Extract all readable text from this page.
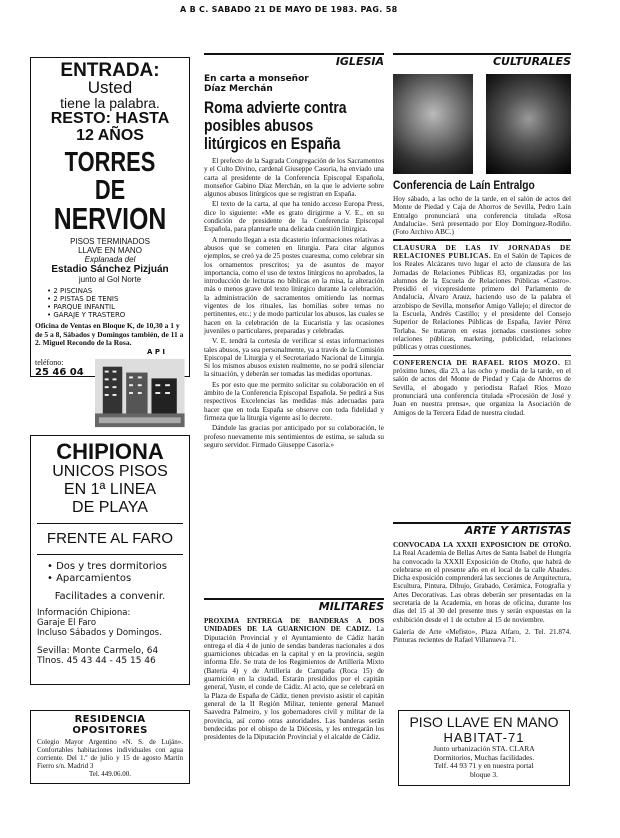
A B C. SABADO 21 DE MAYO DE 1983. PAG. 58
ENTRADA:
Usted
tiene la palabra.
RESTO: HASTA
12 AÑOS
TORRES DE
NERVION
PISOS TERMINADOS
LLAVE EN MANO
Explanada del
Estadio Sánchez Pizjuán
junto al Gol Norte
• 2 PISCINAS
• 2 PISTAS DE TENIS
• PARQUE INFANTIL
• GARAJE Y TRASTERO
Oficina de Ventas en Bloque K, de 10,30 a 1 y de 5 a 8, Sábados y Domingos también, de 11 a 2. Miguel Recondo de la Rosa.
A P I
teléfono:
25 46 04
CHIPIONA
UNICOS PISOS
EN 1ª LINEA
DE PLAYA
FRENTE AL FARO
• Dos y tres dormitorios
• Aparcamientos
Facilitades a convenir.
Información Chipiona:
Garaje El Faro
Incluso Sábados y Domingos.
Sevilla: Monte Carmelo, 64
Tlnos. 45 43 44 - 45 15 46
RESIDENCIA OPOSITORES
Colegio Mayor Argentino «N. S. de Luján». Confortables habitaciones individuales con agua corriente. Del 1.º de julio y 15 de agosto Martín Fierro s/n. Madrid 3
Tel. 449.06.00.
IGLESIA
En carta a monseñor
Díaz Merchán
Roma advierte contra
posibles abusos
litúrgicos en España

El prefecto de la Sagrada Congregación de los Sacramentos y el Culto Divino, cardenal Giuseppe Casoria, ha enviado una carta al presidente de la Conferencia Episcopal Española, monseñor Gabino Díaz Merchán, en la que le advierte sobre algunos abusos litúrgicos que se registran en España.

El texto de la carta, al que ha tenido acceso Europa Press, dice lo siguiente: «Me es grato dirigirme a V. E., en su condición de presidente de la Conferencia Episcopal Española, para plantearle una delicada cuestión litúrgica.

A menudo llegan a esta dicasterio informaciones relativas a abusos que se cometen en liturgia. Para citar algunos ejemplos, se creó ya de 25 postes cuaresma, como celebrar sin los ornamentos prescritos; ya de asuntos de mayor importancia, como el uso de textos litúrgicos no aprobados, la introducción de lecturas no bíblicas en la misa, la alteración más o menos grave del texto litúrgico durante la celebración, la administración de sacramentos omitiendo las normas vigentes de los rituales, las homilías sobre temas no pertinentes, etc.; y de modo particular los abusos, las cuales se hacen en la celebración de la Eucaristía y las ocasiones juveniles o particulares, preparadas y celebradas.

V. E. tendrá la cortesía de verificar si estas informaciones tales abusos, ya sea personalmente, ya a través de la Comisión Episcopal de Liturgia y el Secretariado Nacional de Liturgia. Si los mismos abusos existen realmente, no se podrá silenciar la situación, y deberán ser tomadas las medidas oportunas.

Es por esto que me permito solicitar su colaboración en el ámbito de la Conferencia Episcopal Española. Se pedirá a Sus respectivos Excelencias las medidas más adecuadas para hacer que en toda España se observe con toda fidelidad y firmeza que la liturgia vigente así lo decrete.

Dándole las gracias por anticipado por su colaboración, le profeso nuevamente mis sentimientos de estima, se saluda su seguro servidor. Firmado Giuseppe Casoria.»

MILITARES

PROXIMA ENTREGA DE BANDERAS A DOS UNIDADES DE LA GUARNICION DE CADIZ. La Diputación Provincial y el Ayuntamiento de Cádiz harán entrega el día 4 de junio de sendas banderas nacionales a dos guarniciones ubicadas en la capital y en la provincia, según informa Efe. Se trata de los Regimientos de Artillería Mixto (Bateria 4) y de Artillería de Campaña (Roca 15) de guarnición en la ciudad. Estarán presididos por el capitán general, Yuste, el conde de Cádiz. Al acto, que se celebrará en la Plaza de España de Cádiz, tienen previsto asistir el capitán general de la II Región Militar, teniente general Manuel Saavedra Palmeiro, y los gobernadores civil y militar de la provincia, así como otras autoridades. Las banderas serán bendecidas por el obispo de la Diócesis, y les entregarán los presidentes de la Diputación Provincial y el alcalde de Cádiz.

CULTURALES
Conferencia de Laín Entralgo

Hoy sábado, a las ocho de la tarde, en el salón de actos del Monte de Piedad y Caja de Ahorros de Sevilla, Pedro Laín Entralgo pronunciará una conferencia titulada «Rosa Andalucía». Será presentado por Eloy Domínguez-Rodiño. (Foto Archivo ABC.)

CLAUSURA DE LAS IV JORNADAS DE RELACIONES PUBLICAS. En el Salón de Tapices de los Reales Alcázares tuvo lugar el acto de clausura de las Jornadas de Relaciones Públicas 83, organizadas por los alumnos de la Escuela de Relaciones Públicas «Castro». Presidió el vicepresidente primero del Parlamento de Andalucía, Álvaro Arauz, haciendo uso de la palabra el arzobispo de Sevilla, monseñor Amigo Vallejo; el director de la Escuela, Andrés Castillo; y el presidente del Consejo Superior de Relaciones Públicas de España, Javier Pérez Torlaba. Se trataron en estas jornadas cuestiones sobre relaciones públicas, marketing, publicidad, relaciones públicas y otras cuestiones.

CONFERENCIA DE RAFAEL RIOS MOZO. El próximo lunes, día 23, a las ocho y media de la tarde, en el salón de actos del Monte de Piedad y Caja de Ahorros de Sevilla, el abogado y periodista Rafael Ríos Mozo pronunciará una conferencia titulada «Procesión de José y Juan en nuestra prensa», que organiza la Asociación de Amigos de la Tercera Edad de nuestra ciudad.

ARTE Y ARTISTAS

CONVOCADA LA XXXII EXPOSICION DE OTOÑO. La Real Academia de Bellas Artes de Santa Isabel de Hungría ha convocado la XXXII Exposición de Otoño, que habrá de celebrarse en el presente año en el local de la calle Abades. Dicha exposición comprenderá las secciones de Arquitectura, Escultura, Pintura, Dibujo, Grabado, Cerámica, Fotografía y Artes Decorativas. Las obras deberán ser presentadas en la secretaría de la Academia, en horas de oficina, durante los días del 15 al 30 del presente mes y serán expuestas en la exhibición desde el 1 de octubre al 15 de noviembre.

Galería de Arte «Mefisto», Plaza Alfaro, 2. Tel. 21.874. Pinturas recientes de Rafael Villanueva 71.

PISO LLAVE EN MANO
HABITAT-71
Junto urbanización STA. CLARA
Dormitorios, Muchas facilidades.
Telf. 44 93 71 y en nuestra portal
bloque 3.
